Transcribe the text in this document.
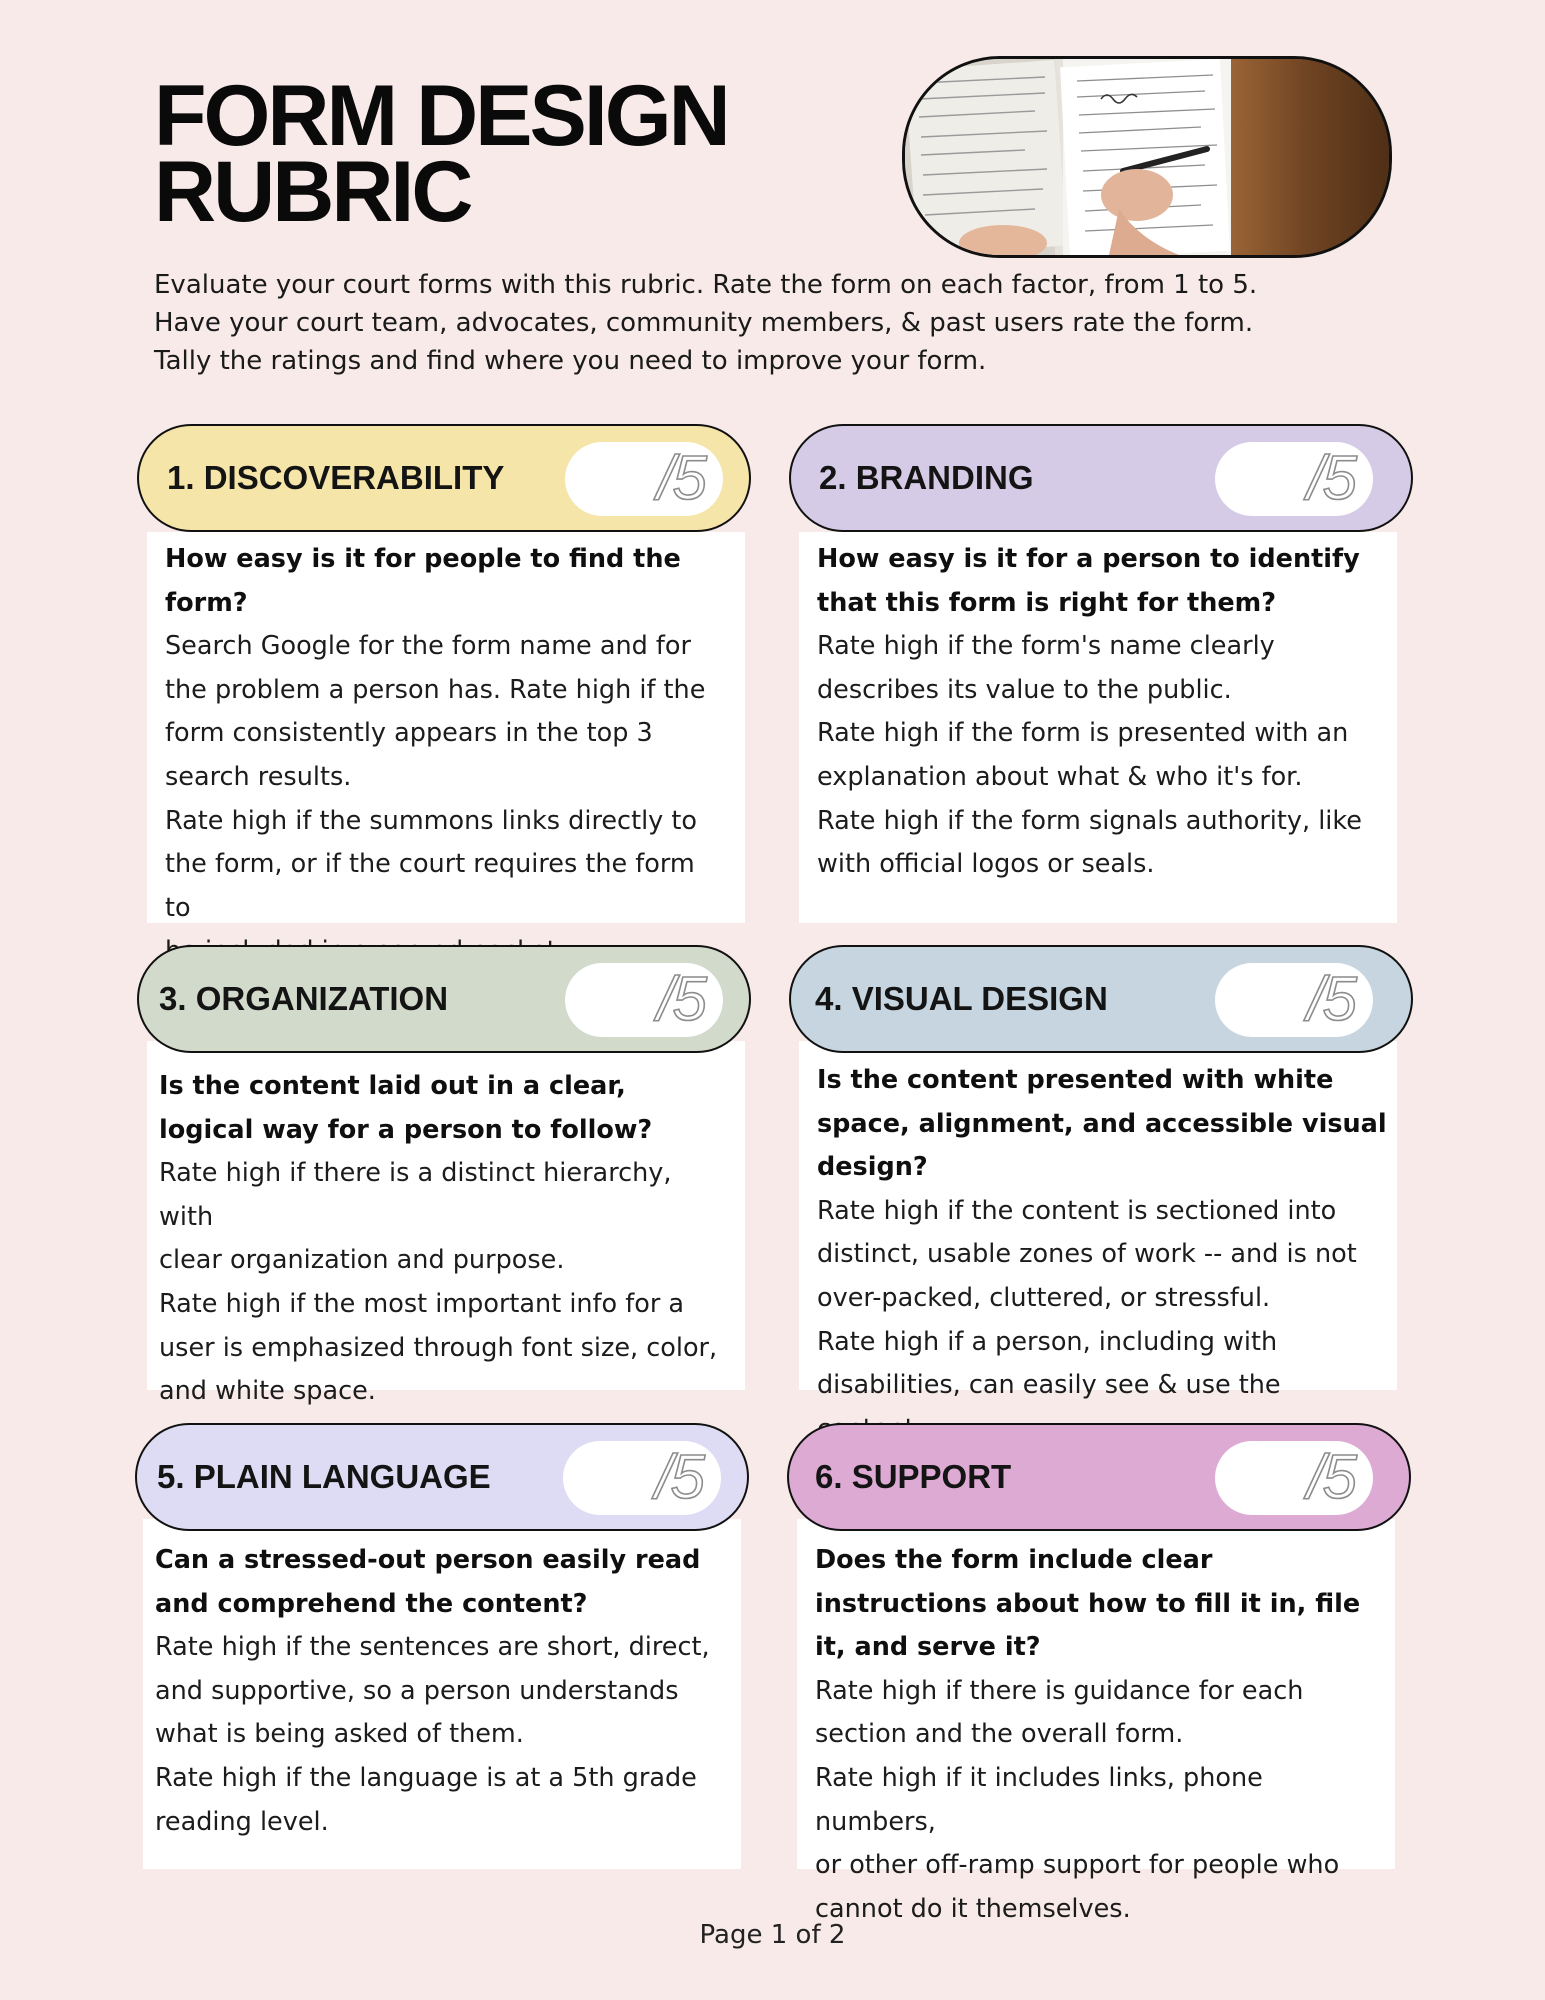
FORM DESIGN
RUBRIC

Evaluate your court forms with this rubric. Rate the form on each factor, from 1 to 5.

Have your court team, advocates, community members, & past users rate the form.

Tally the ratings and find where you need to improve your form.

1. DISCOVERABILITY /5

How easy is it for people to find the form?

Search Google for the form name and for

the problem a person has. Rate high if the

form consistently appears in the top 3

search results.

Rate high if the summons links directly to

the form, or if the court requires the form to

2. BRANDING	/5

How easy is it for a person to identify that this form is right for them?

Rate high if the form's name clearly

describes its value to the public.

Rate high if the form is presented with an

explanation about what & who it's for.

Rate high if the form signals authority, like

with official logos or seals.

3. ORGANIZATION	/5

Is the content laid out in a clear, logical way for a person to follow?

Rate high if there is a distinct hierarchy, with

clear organization and purpose.

Rate high if the most important info for a

user is emphasized through font size, color,

and white space.

4. VISUAL DESIGN	/5

Is the content presented with white space, alignment, and accessible visual design?

Rate high if the content is sectioned into

distinct, usable zones of work -- and is not

over-packed, cluttered, or stressful.

Rate high if a person, including with

disabilities, can easily see & use the

5. PLAIN LANGUAGE	/5

Can a stressed-out person easily read and comprehend the content?

Rate high if the sentences are short, direct,

and supportive, so a person understands

what is being asked of them.

Rate high if the language is at a 5th grade

reading level.

6. SUPPORT	/5

Does the form include clear instructions about how to fill it in, file it, and serve it?

Rate high if there is guidance for each

section and the overall form.

Rate high if it includes links, phone numbers,

or other off-ramp support for people who

cannot do it themselves.

Page 1 of 2
